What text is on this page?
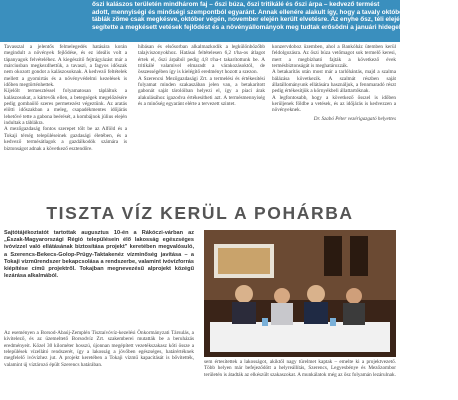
őszi kalászos területén mindhárom faj – őszi búza, őszi tritikálé és őszi árpa – kedvező termést
adott, mennyiségi és minőségi szempontból egyaránt. Annak ellenére alakult így, hogy a tavaly októberi esők miatt a
táblák zöme csak megkésve, október végén, november elején került elvetésre. Az enyhe ősz, téli elején időjárás azonban
segítette a megkésett vetések fejlődést és a növényállományok meg tudtak erősödni a januári hidegek napokra.

Tavasszal a jelentős felmelegedés hatására korán megindult a növények fejlődése, és ez ideális volt a tápanyagok felvételéhez. A kiegészítő fejtrágyázást már a márciusban megkezdhettük, a tavaszi, a fagyos időszak nem okozott gondot a kalászosoknak. A kedvező feltételek mellett a gyomirtás és a növényvédelmi kezelések is időben megtörténhettek.

Kijelölt termesztéssel folyamatosan tápláltuk a kalászosokat, a kártevők ellen, a betegségek megelőzésére pedig gombaölő szeres permetezést végeztünk. Az aratás előtti időszakban a meleg, csapadékmentes időjárás lehetővé tette a gabona beérését, a kombájnok július elején indultak a táblákra.

A mezőgazdaság fontos szerepet tölt be az Alföld és a Tokaji térség településeinek gazdasági életében, és a kedvező termésátlagok a gazdálkodók számára is biztonságot adnak a következő esztendőre.

hibásan és elsősorban alkalmazkodik a legkülönbözőbb talajviszonyokhoz. Hatásai feltételesen 6,2 t/ha-os átlagot értek el, őszi árpából pedig 4,8 t/ha-t takarítottunk be. A tritikálé valamivel elmaradt a várakozásoktól, de összességében így is kielégítő eredményt hozott a szezon.

A Szerencsi Mezőgazdasági Zrt. a termelési és értékesítési folyamat minden szakaszában jelen van, a betakarított gabonát saját tárolóiban helyezi el, így a piaci árak alakulásához igazodva értékesítheti azt. A termésmennyiség és a minőség egyaránt elérte a tervezett szintet.

konzervdoboz üzemben, ahol a Bankóház ütemben kerül feldolgozásra. Az őszi búza vetőmagot sok termelő keresi, mert a megbízható fajták a következő évek termésbiztonságát is meghatározzák.

A betakarítás után most már a tarlóhántás, majd a szalma bálázása következik. A szalmát részben saját állatállományunk ellátására használjuk, a fennmaradó részt pedig értékesítjük a környékbeli állattartóknak.

A legfontosabb, hogy a következő ősszel is időben kerüljenek földbe a vetések, és az időjárás is kedvezzen a növényeknek.

Dr. Szabó Péter vezérigazgató helyettes
TISZTA VÍZ KERÜL A POHÁRBA

Sajtótájékoztatót tartottak augusztus 10-én a Rákóczi-várban az „Észak-Magyarországi Régió településein élő lakosság egészséges ivóvízzel való ellátásának biztosítása projekt" keretében megvalósuló, a Szerencs-Bekecs-Golop-Prügy-Taktakenéz vízminőség javítása – a Tokaji vízműrendszer bekapcsolása a rendszerbe, valamint ivóvízforrás kiépítése című projektről. Tokajban megnevezésű alprojekt közégű lezárása alkalmából.

Az eseményen a Borsod-Abaúj-Zemplén Tisztaívóvíz-kezelési Önkormányzati Társulás, a kivitelező, és az üzemeltető Borsodvíz Zrt. szakemberei mutatták be a beruházás eredményeit. Közel 30 kilométer hosszú, újonnan megépített vezetékszakasz köti össze a települések vízellátó rendszerét, így a lakosság a jövőben egészséges, határértéknek megfelelő ivóvízhez jut. A projekt keretében a Tokaji vízmű kapacitását is bővítették, valamint új víztározó épült Szerencs határában.	sem értesítettek a lakosságot, akiktől nagy türelmet kaptak – emelte ki a projektvezető. Több helyen már befejeződött a helyreállítás, Szerencs, Legyesbénye és Mezőzombor területén is átadták az elkészült szakaszokat. A munkálatok még az ősz folyamán lezárulnak.
